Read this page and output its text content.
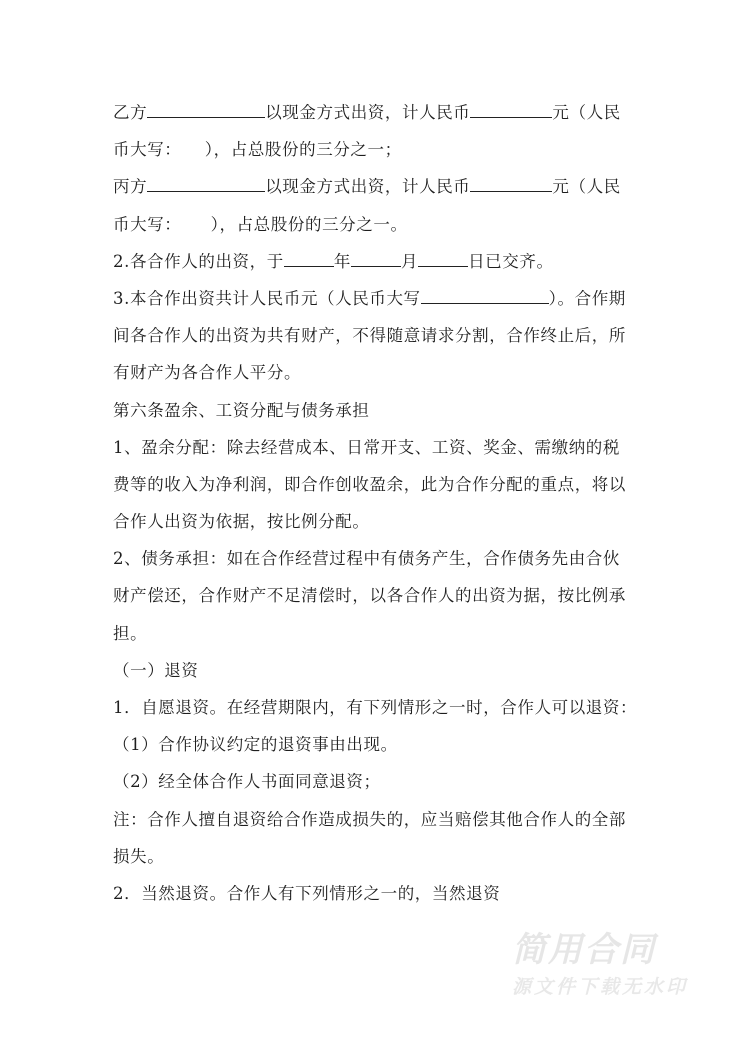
乙方	以现金方式出资，计人民币	元（人民
币大写：    ），占总股份的三分之一；
丙方	以现金方式出资，计人民币	元（人民
币大写：     ），占总股份的三分之一。
2.各合作人的出资，于	年	月	日已交齐。
3.本合作出资共计人民币元（人民币大写	）。合作期
间各合作人的出资为共有财产，不得随意请求分割，合作终止后，所
有财产为各合作人平分。
第六条盈余、工资分配与债务承担
1、盈余分配：除去经营成本、日常开支、工资、奖金、需缴纳的税
费等的收入为净利润，即合作创收盈余，此为合作分配的重点，将以
合作人出资为依据，按比例分配。
2、债务承担：如在合作经营过程中有债务产生，合作债务先由合伙
财产偿还，合作财产不足清偿时，以各合作人的出资为据，按比例承
担。
（一）退资
1．自愿退资。在经营期限内，有下列情形之一时，合作人可以退资：
（1）合作协议约定的退资事由出现。
（2）经全体合作人书面同意退资；
注：合作人擅自退资给合作造成损失的，应当赔偿其他合作人的全部
损失。
2．当然退资。合作人有下列情形之一的，当然退资
简用合同
源文件下载无水印
